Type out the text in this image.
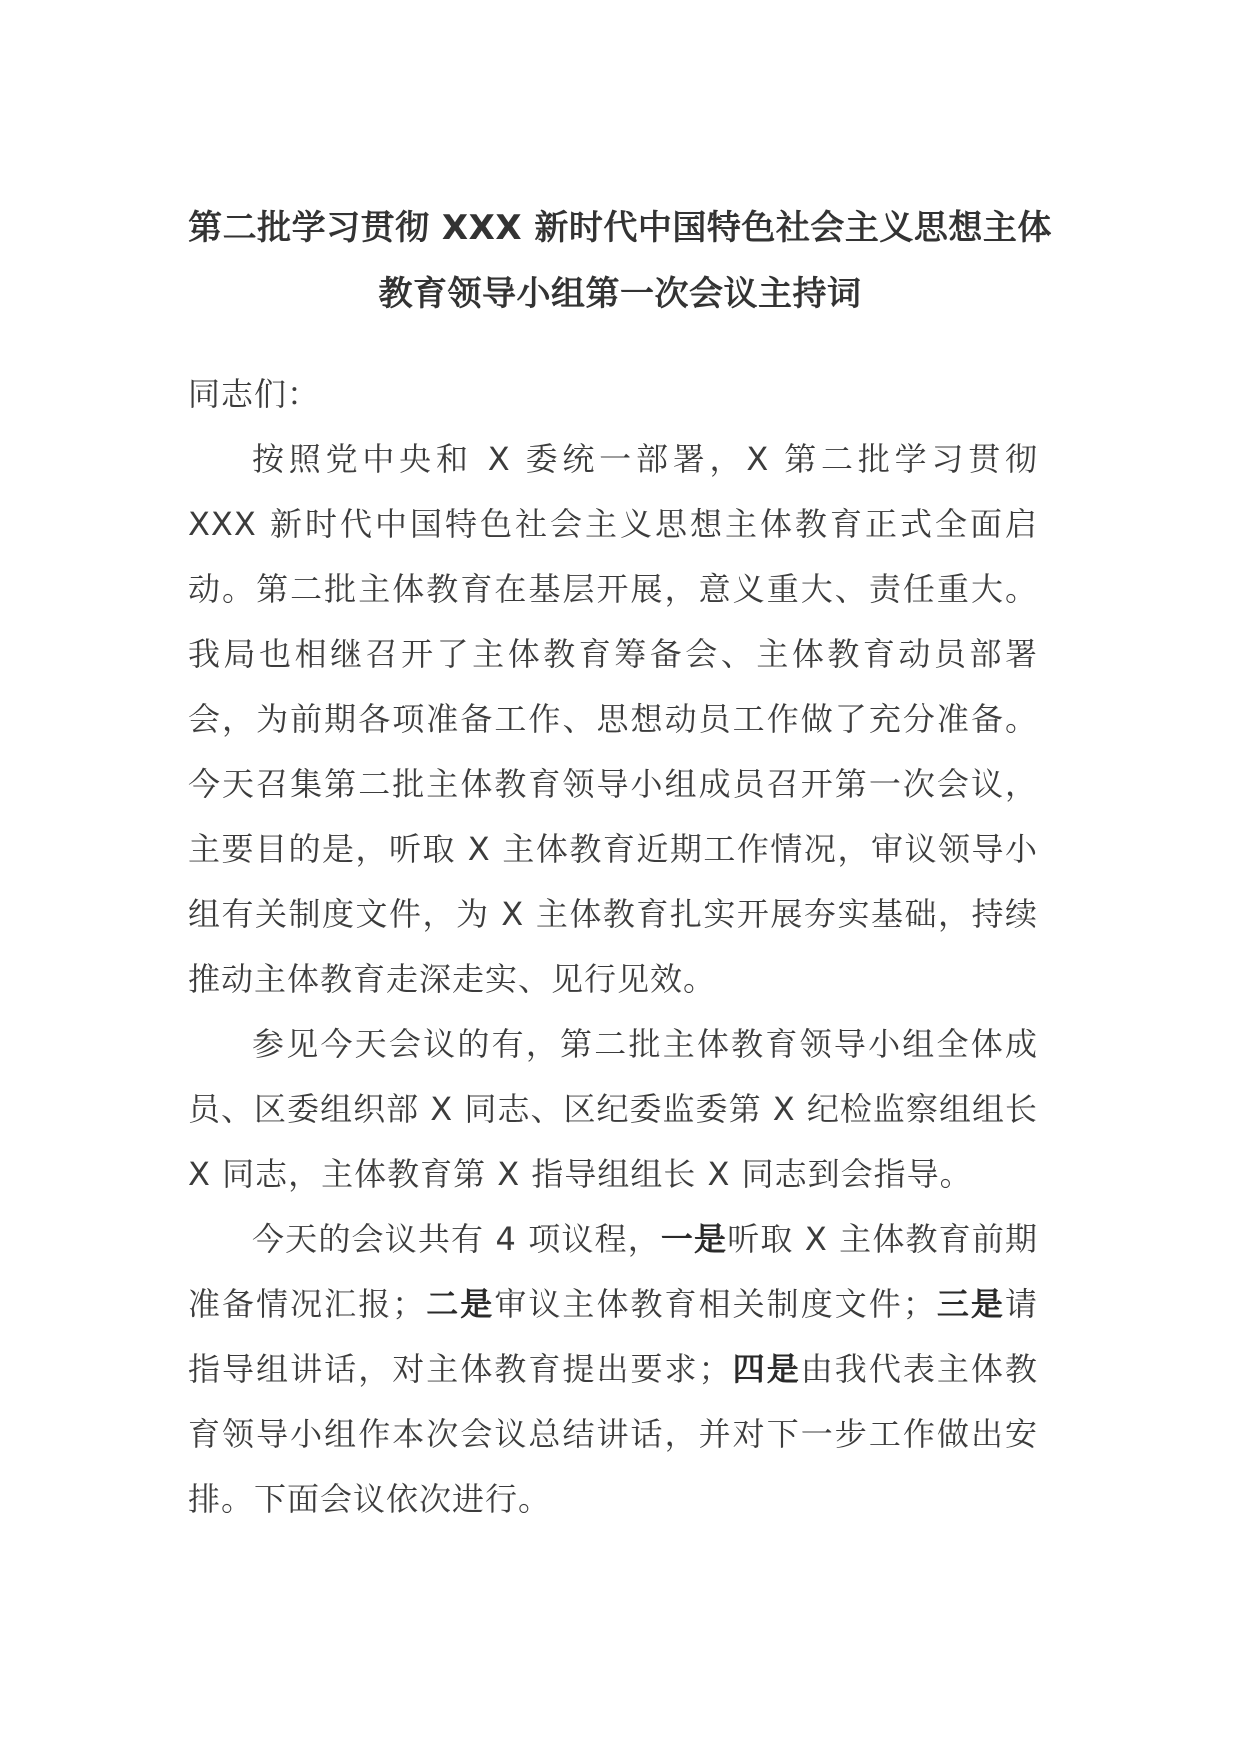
第二批学习贯彻 XXX 新时代中国特色社会主义思想主体教育领导小组第一次会议主持词

同志们：

按照党中央和 X 委统一部署，X 第二批学习贯彻 XXX 新时代中国特色社会主义思想主体教育正式全面启动。第二批主体教育在基层开展，意义重大、责任重大。我局也相继召开了主体教育筹备会、主体教育动员部署会，为前期各项准备工作、思想动员工作做了充分准备。今天召集第二批主体教育领导小组成员召开第一次会议，主要目的是，听取 X 主体教育近期工作情况，审议领导小组有关制度文件，为 X 主体教育扎实开展夯实基础，持续推动主体教育走深走实、见行见效。

参见今天会议的有，第二批主体教育领导小组全体成员、区委组织部 X 同志、区纪委监委第 X 纪检监察组组长 X 同志，主体教育第 X 指导组组长 X 同志到会指导。

今天的会议共有 4 项议程，一是听取 X 主体教育前期准备情况汇报；二是审议主体教育相关制度文件；三是请指导组讲话，对主体教育提出要求；四是由我代表主体教育领导小组作本次会议总结讲话，并对下一步工作做出安排。下面会议依次进行。
